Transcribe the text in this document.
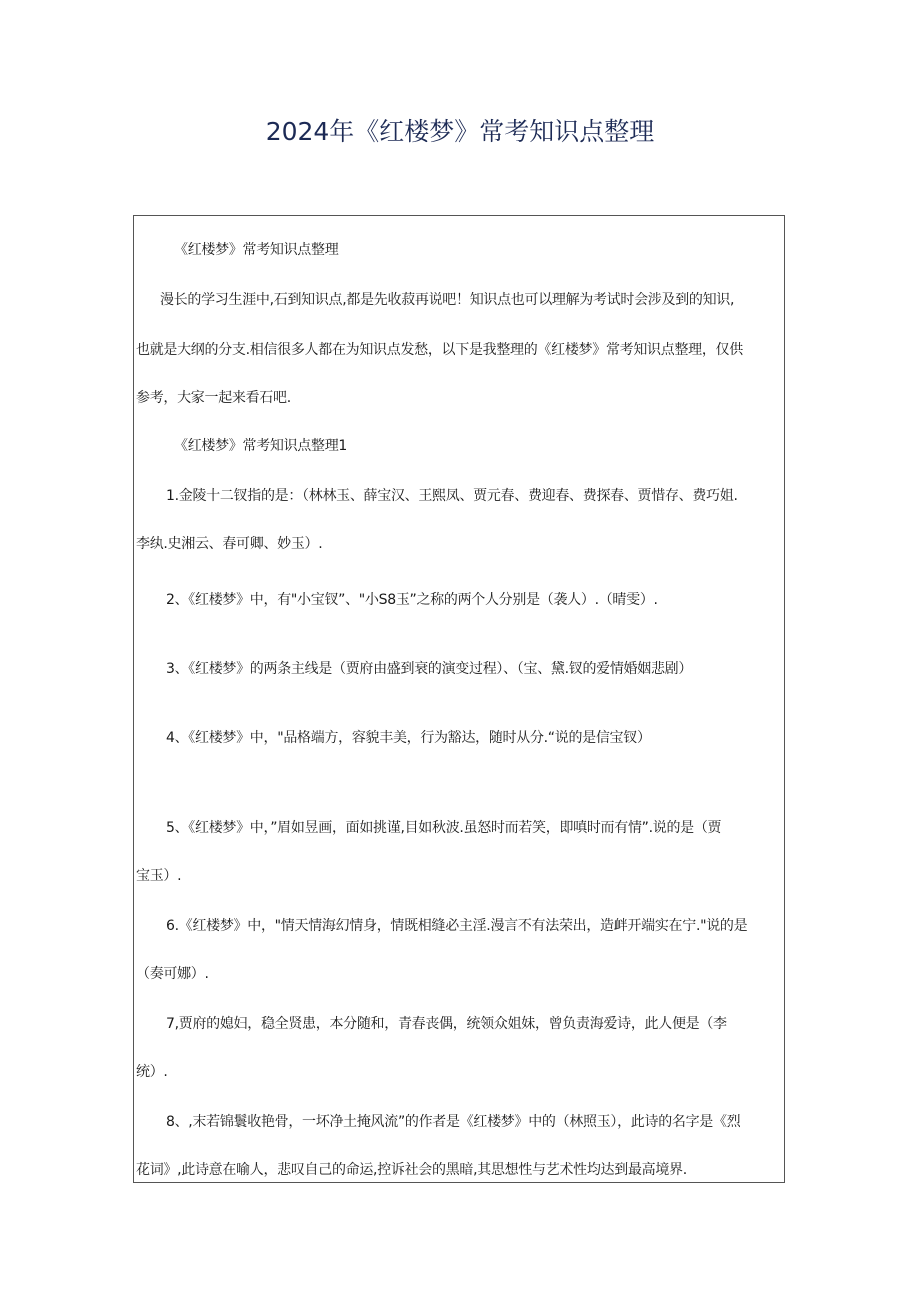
2024年《红楼梦》常考知识点整理
《红楼梦》常考知识点整理
漫长的学习生涯中,石到知识点,都是先收菽再说吧！知识点也可以理解为考试时会涉及到的知识,
也就是大纲的分支.相信很多人都在为知识点发愁，以下是我整理的《红楼梦》常考知识点整理，仅供
参考，大家一起来看石吧.
《红楼梦》常考知识点整理1
1.金陵十二钗指的是：（林林玉、薛宝汉、王熙凤、贾元春、费迎春、费探春、贾惜存、费巧姐.
李纨.史湘云、春可卿、妙玉）.
2、《红楼梦》中，有"小宝钗”、"小S8玉”之称的两个人分别是（袭人）.（晴雯）.
3、《红楼梦》的两条主线是（贾府由盛到衰的演变过程）、（宝、黛.钗的爱情婚姻悲剧）
4、《红楼梦》中，"品格端方，容貌丰美，行为豁达，随时从分.“说的是信宝钗）
5、《红楼梦》中，”眉如昱画，面如挑谨,目如秋波.虽怒时而若笑，即嗔时而有情”.说的是（贾
宝玉）.
6.《红楼梦》中，"情天情海幻情身，情既相缝必主淫.漫言不有法荣出，造衅开端实在宁."说的是
（奏可娜）.
7,贾府的媳妇，稳全贤患，本分随和，青春丧偶，统领众姐妹，曾负责海爱诗，此人便是（李
统）.
8、,末若锦鬟收艳骨，一坏净土掩风流”的作者是《红楼梦》中的（林照玉），此诗的名字是《烈
花词》,此诗意在喻人，悲叹自己的命运,控诉社会的黑暗,其思想性与艺术性均达到最高境界.
